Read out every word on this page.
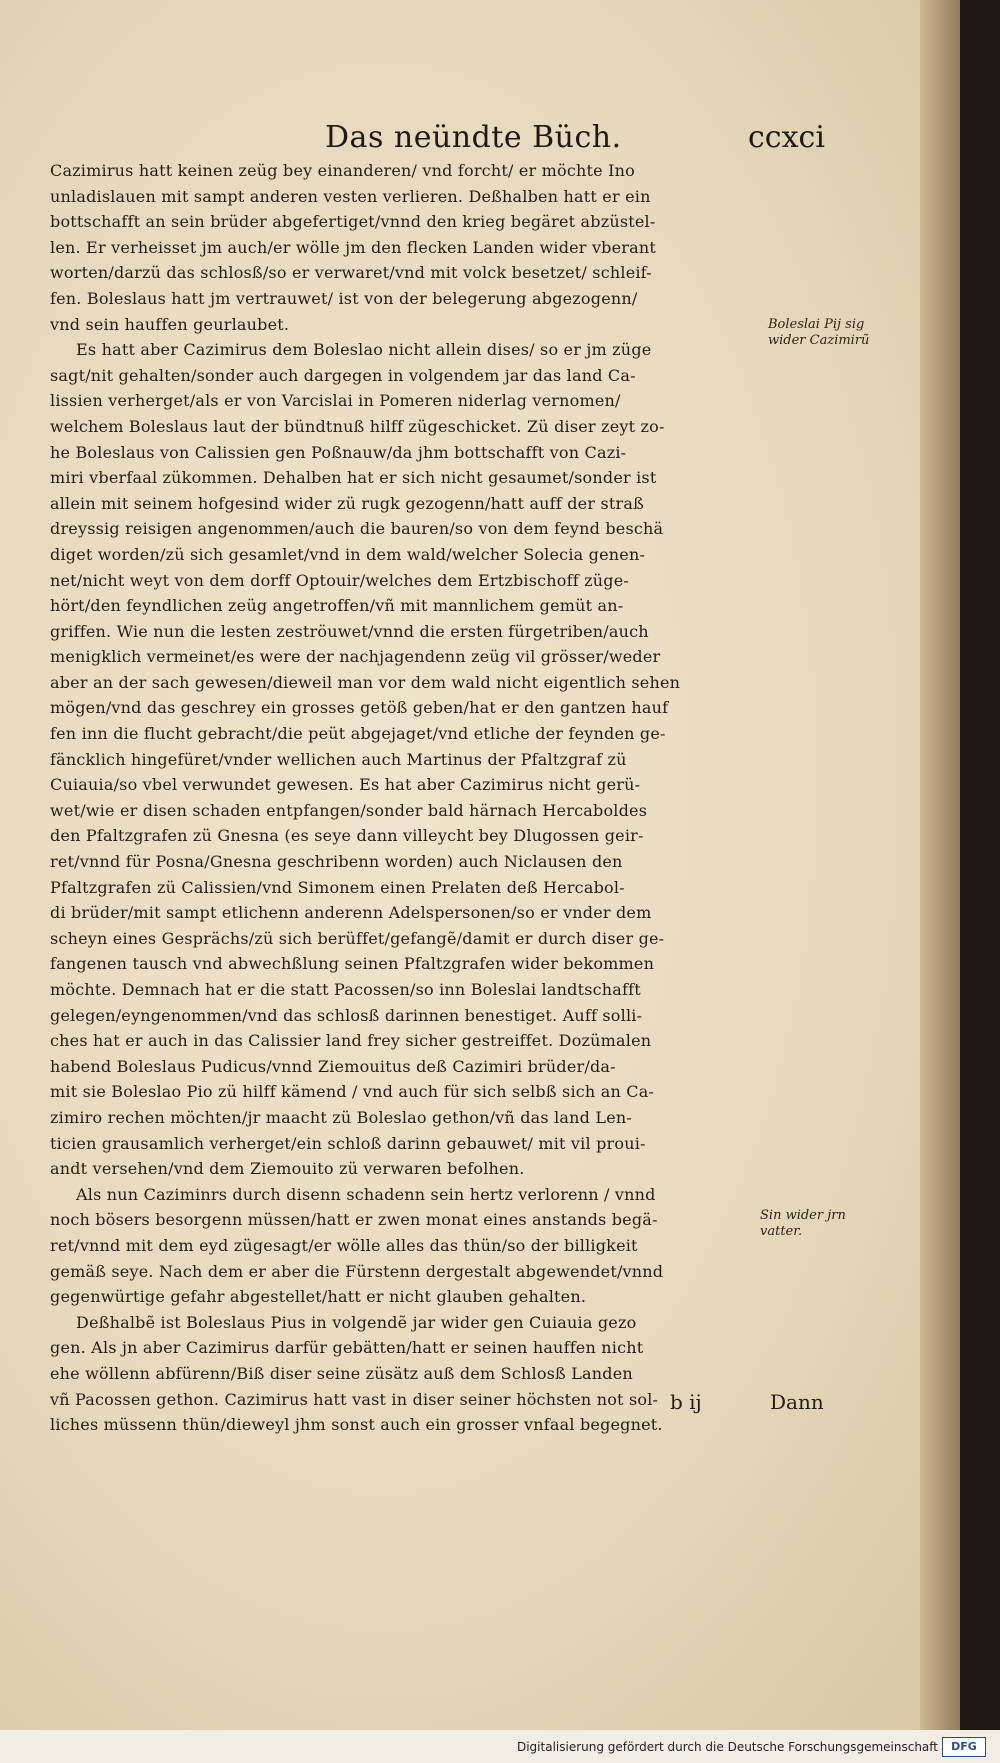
Das neündte Büch.	ccxci
Cazimirus hatt keinen zeüg bey einanderen/ vnd forcht/ er möchte Ino
unladislauen mit sampt anderen vesten verlieren. Deßhalben hatt er ein
bottschafft an sein brüder abgefertiget/vnnd den krieg begäret abzüstel-
len. Er verheisset jm auch/er wölle jm den flecken Landen wider vberant
worten/darzü das schlosß/so er verwaret/vnd mit volck besetzet/ schleif-
fen. Boleslaus hatt jm vertrauwet/ ist von der belegerung abgezogenn/
vnd sein hauffen geurlaubet.
Es hatt aber Cazimirus dem Boleslao nicht allein dises/ so er jm züge
sagt/nit gehalten/sonder auch dargegen in volgendem jar das land Ca-
lissien verherget/als er von Varcislai in Pomeren niderlag vernomen/
welchem Boleslaus laut der bündtnuß hilff zügeschicket. Zü diser zeyt zo-
he Boleslaus von Calissien gen Poßnauw/da jhm bottschafft von Cazi-
miri vberfaal zükommen. Dehalben hat er sich nicht gesaumet/sonder ist
allein mit seinem hofgesind wider zü rugk gezogenn/hatt auff der straß
dreyssig reisigen angenommen/auch die bauren/so von dem feynd beschä
diget worden/zü sich gesamlet/vnd in dem wald/welcher Solecia genen-
net/nicht weyt von dem dorff Optouir/welches dem Ertzbischoff züge-
hört/den feyndlichen zeüg angetroffen/vñ mit mannlichem gemüt an-
griffen. Wie nun die lesten zeströuwet/vnnd die ersten fürgetriben/auch
menigklich vermeinet/es were der nachjagendenn zeüg vil grösser/weder
aber an der sach gewesen/dieweil man vor dem wald nicht eigentlich sehen
mögen/vnd das geschrey ein grosses getöß geben/hat er den gantzen hauf
fen inn die flucht gebracht/die peüt abgejaget/vnd etliche der feynden ge-
fäncklich hingefüret/vnder wellichen auch Martinus der Pfaltzgraf zü
Cuiauia/so vbel verwundet gewesen. Es hat aber Cazimirus nicht gerü-
wet/wie er disen schaden entpfangen/sonder bald härnach Hercaboldes
den Pfaltzgrafen zü Gnesna (es seye dann villeycht bey Dlugossen geir-
ret/vnnd für Posna/Gnesna geschribenn worden) auch Niclausen den
Pfaltzgrafen zü Calissien/vnd Simonem einen Prelaten deß Hercabol-
di brüder/mit sampt etlichenn anderenn Adelspersonen/so er vnder dem
scheyn eines Gesprächs/zü sich berüffet/gefangẽ/damit er durch diser ge-
fangenen tausch vnd abwechßlung seinen Pfaltzgrafen wider bekommen
möchte. Demnach hat er die statt Pacossen/so inn Boleslai landtschafft
gelegen/eyngenommen/vnd das schlosß darinnen benestiget. Auff solli-
ches hat er auch in das Calissier land frey sicher gestreiffet. Dozümalen
habend Boleslaus Pudicus/vnnd Ziemouitus deß Cazimiri brüder/da-
mit sie Boleslao Pio zü hilff kämend / vnd auch für sich selbß sich an Ca-
zimiro rechen möchten/jr maacht zü Boleslao gethon/vñ das land Len-
ticien grausamlich verherget/ein schloß darinn gebauwet/ mit vil proui-
andt versehen/vnd dem Ziemouito zü verwaren befolhen.
Als nun Caziminrs durch disenn schadenn sein hertz verlorenn / vnnd
noch bösers besorgenn müssen/hatt er zwen monat eines anstands begä-
ret/vnnd mit dem eyd zügesagt/er wölle alles das thün/so der billigkeit
gemäß seye. Nach dem er aber die Fürstenn dergestalt abgewendet/vnnd
gegenwürtige gefahr abgestellet/hatt er nicht glauben gehalten.
Deßhalbẽ ist Boleslaus Pius in volgendẽ jar wider gen Cuiauia gezo
gen. Als jn aber Cazimirus darfür gebätten/hatt er seinen hauffen nicht
ehe wöllenn abfürenn/Biß diser seine züsätz auß dem Schlosß Landen
vñ Pacossen gethon. Cazimirus hatt vast in diser seiner höchsten not sol-
liches müssenn thün/dieweyl jhm sonst auch ein grosser vnfaal begegnet.
Boleslai Pij sig
wider Cazimirũ
Sin wider jrn
vatter.
b ij	Dann
Digitalisierung gefördert durch die Deutsche Forschungsgemeinschaft	DFG
